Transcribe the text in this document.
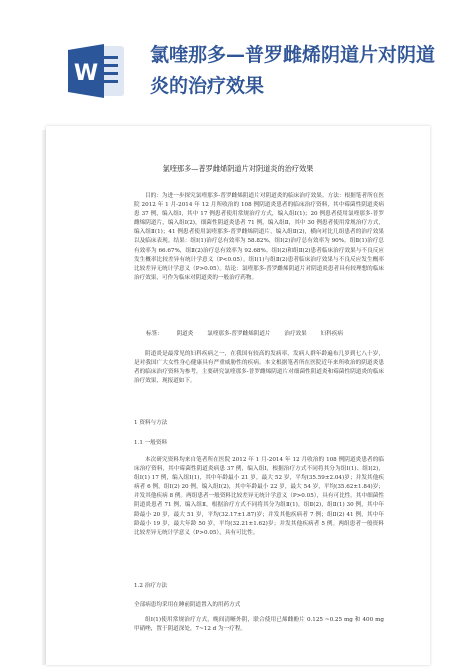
W
氯喹那多—普罗雌烯阴道片对阴道炎的治疗效果
氯喹那多—普罗雌烯阴道片对阴道炎的治疗效果

目的：为进一步探究氯喹那多-普罗雌烯阴道片对阴道炎的临床治疗效果。方法：根据笔者所在医院 2012 年 1 月-2014 年 12 月所收治的 108 例阴道炎患者的临床治疗资料，其中霉菌性阴道炎病患 37 例，编入组Ⅰ，其中 17 例患者使用常规治疗方式，编入组Ⅰ(1)；20 例患者使用氯喹那多-普罗雌烯阴道片，编入组Ⅰ(2)，细菌性阴道炎患者 71 例，编入组Ⅱ，其中 30 例患者使用常规治疗方式，编入组Ⅱ(1)；41 例患者使用氯喹那多-普罗雌烯阴道片，编入组Ⅱ(2)，横向对比几组患者的治疗效果以及临床表现。结果：组Ⅰ(1)治疗总有效率为 58.82%，组Ⅰ(2)治疗总有效率为 90%。组Ⅱ(1)治疗总有效率为 66.67%，组Ⅱ(2)治疗总有效率为 92.68%。组Ⅰ(2)和组Ⅱ(2)患者临床治疗效果与不良反应发生概率比较差异有统计学意义（P<0.05）。组Ⅰ(1)与组Ⅱ(2)患者临床治疗效果与不良反应发生概率比较差异无统计学意义（P>0.05）。结论：氯喹那多-普罗雌烯阴道片对阴道炎患者具有较理想的临床治疗效果，可作为临床对阴道炎的一般治疗药物。

标签： 阴道炎 氯喹那多-普罗雌烯阴道片 治疗效果 妇科疾病

阴道炎是最常见的妇科疾病之一，在我国有较高的发病率，发病人群年龄遍布几岁到七八十岁，是对我国广大女性身心健康具有严重威胁性的疾病。本文根据笔者所在医院近年来所收治的阴道炎患者的临床治疗资料为参考，主要研究氯喹那多-普罗雌烯阴道片对细菌性阴道炎和霉菌性阴道炎的临床治疗效果，现报道如下。

1 资料与方法
1.1 一般资料

本次研究资料均来自笔者所在医院 2012 年 1 月-2014 年 12 月收治的 108 例阴道炎患者的临床治疗资料，其中霉菌性阴道炎病患 37 例，编入组Ⅰ，根据治疗方式不同将其分为组Ⅰ(1)、组Ⅰ(2)，组Ⅰ(1) 17 例，编入组Ⅰ(1)，其中年龄最小 21 岁，最大 52 岁，平均(35.59±2.04)岁；并发其他疾病者 6 例，组Ⅰ(2) 20 例，编入组Ⅰ(2)，其中年龄最小 22 岁，最大 54 岁，平均(35.62±1.84)岁；并发其他疾病 8 例。两组患者一般资料比较差异无统计学意义（P>0.05），具有可比性。其中细菌性阴道炎患者 71 例，编入组Ⅱ，根据治疗方式不同将其分为组Ⅱ(1)，组Ⅱ(2)，组Ⅱ(1) 30 例，其中年龄最小 20 岁，最大 51 岁，平均(32.17±1.87)岁；并发其他疾病者 7 例；组Ⅱ(2) 41 例，其中年龄最小 19 岁，最大年龄 50 岁，平均(32.21±1.62)岁；并发其他疾病者 5 例。两组患者一般资料比较差异无统计学意义（P>0.05），具有可比性。

1.2 治疗方法
全部病患均采用在睡前阴道置入的用药方式

组Ⅰ(1)使用常规治疗方式，晚间清晰外阴，联合使用已烯雌酚片 0.125 ~0.25 mg 和 400 mg 甲硝唑，置于阴道深处，7~12 d 为一疗程。
